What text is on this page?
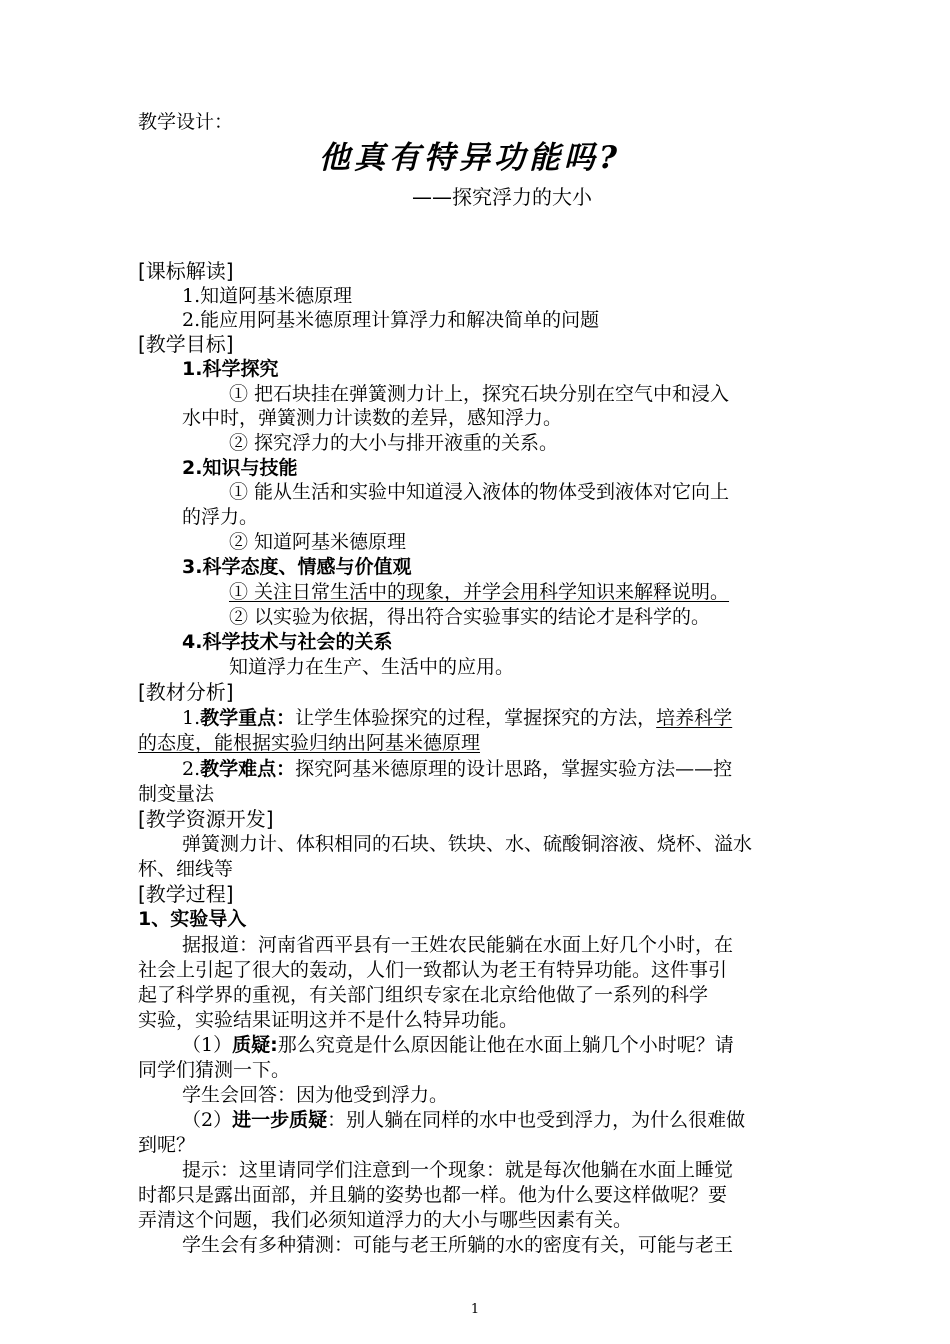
教学设计：
他真有特异功能吗?
——探究浮力的大小
[课标解读]
1.知道阿基米德原理
2.能应用阿基米德原理计算浮力和解决简单的问题
[教学目标]
1.科学探究
① 把石块挂在弹簧测力计上，探究石块分别在空气中和浸入
水中时，弹簧测力计读数的差异，感知浮力。
② 探究浮力的大小与排开液重的关系。
2.知识与技能
① 能从生活和实验中知道浸入液体的物体受到液体对它向上
的浮力。
② 知道阿基米德原理
3.科学态度、情感与价值观
① 关注日常生活中的现象，并学会用科学知识来解释说明。
② 以实验为依据，得出符合实验事实的结论才是科学的。
4.科学技术与社会的关系
知道浮力在生产、生活中的应用。
[教材分析]
1.教学重点：让学生体验探究的过程，掌握探究的方法，培养科学
的态度，能根据实验归纳出阿基米德原理
2.教学难点：探究阿基米德原理的设计思路，掌握实验方法——控
制变量法
[教学资源开发]
弹簧测力计、体积相同的石块、铁块、水、硫酸铜溶液、烧杯、溢水
杯、细线等
[教学过程]
1、实验导入
据报道：河南省西平县有一王姓农民能躺在水面上好几个小时，在
社会上引起了很大的轰动，人们一致都认为老王有特异功能。这件事引
起了科学界的重视，有关部门组织专家在北京给他做了一系列的科学
实验，实验结果证明这并不是什么特异功能。
（1）质疑:那么究竟是什么原因能让他在水面上躺几个小时呢？请
同学们猜测一下。
学生会回答：因为他受到浮力。
（2）进一步质疑：别人躺在同样的水中也受到浮力，为什么很难做
到呢？
提示：这里请同学们注意到一个现象：就是每次他躺在水面上睡觉
时都只是露出面部，并且躺的姿势也都一样。他为什么要这样做呢？要
弄清这个问题，我们必须知道浮力的大小与哪些因素有关。
学生会有多种猜测：可能与老王所躺的水的密度有关，可能与老王
1
